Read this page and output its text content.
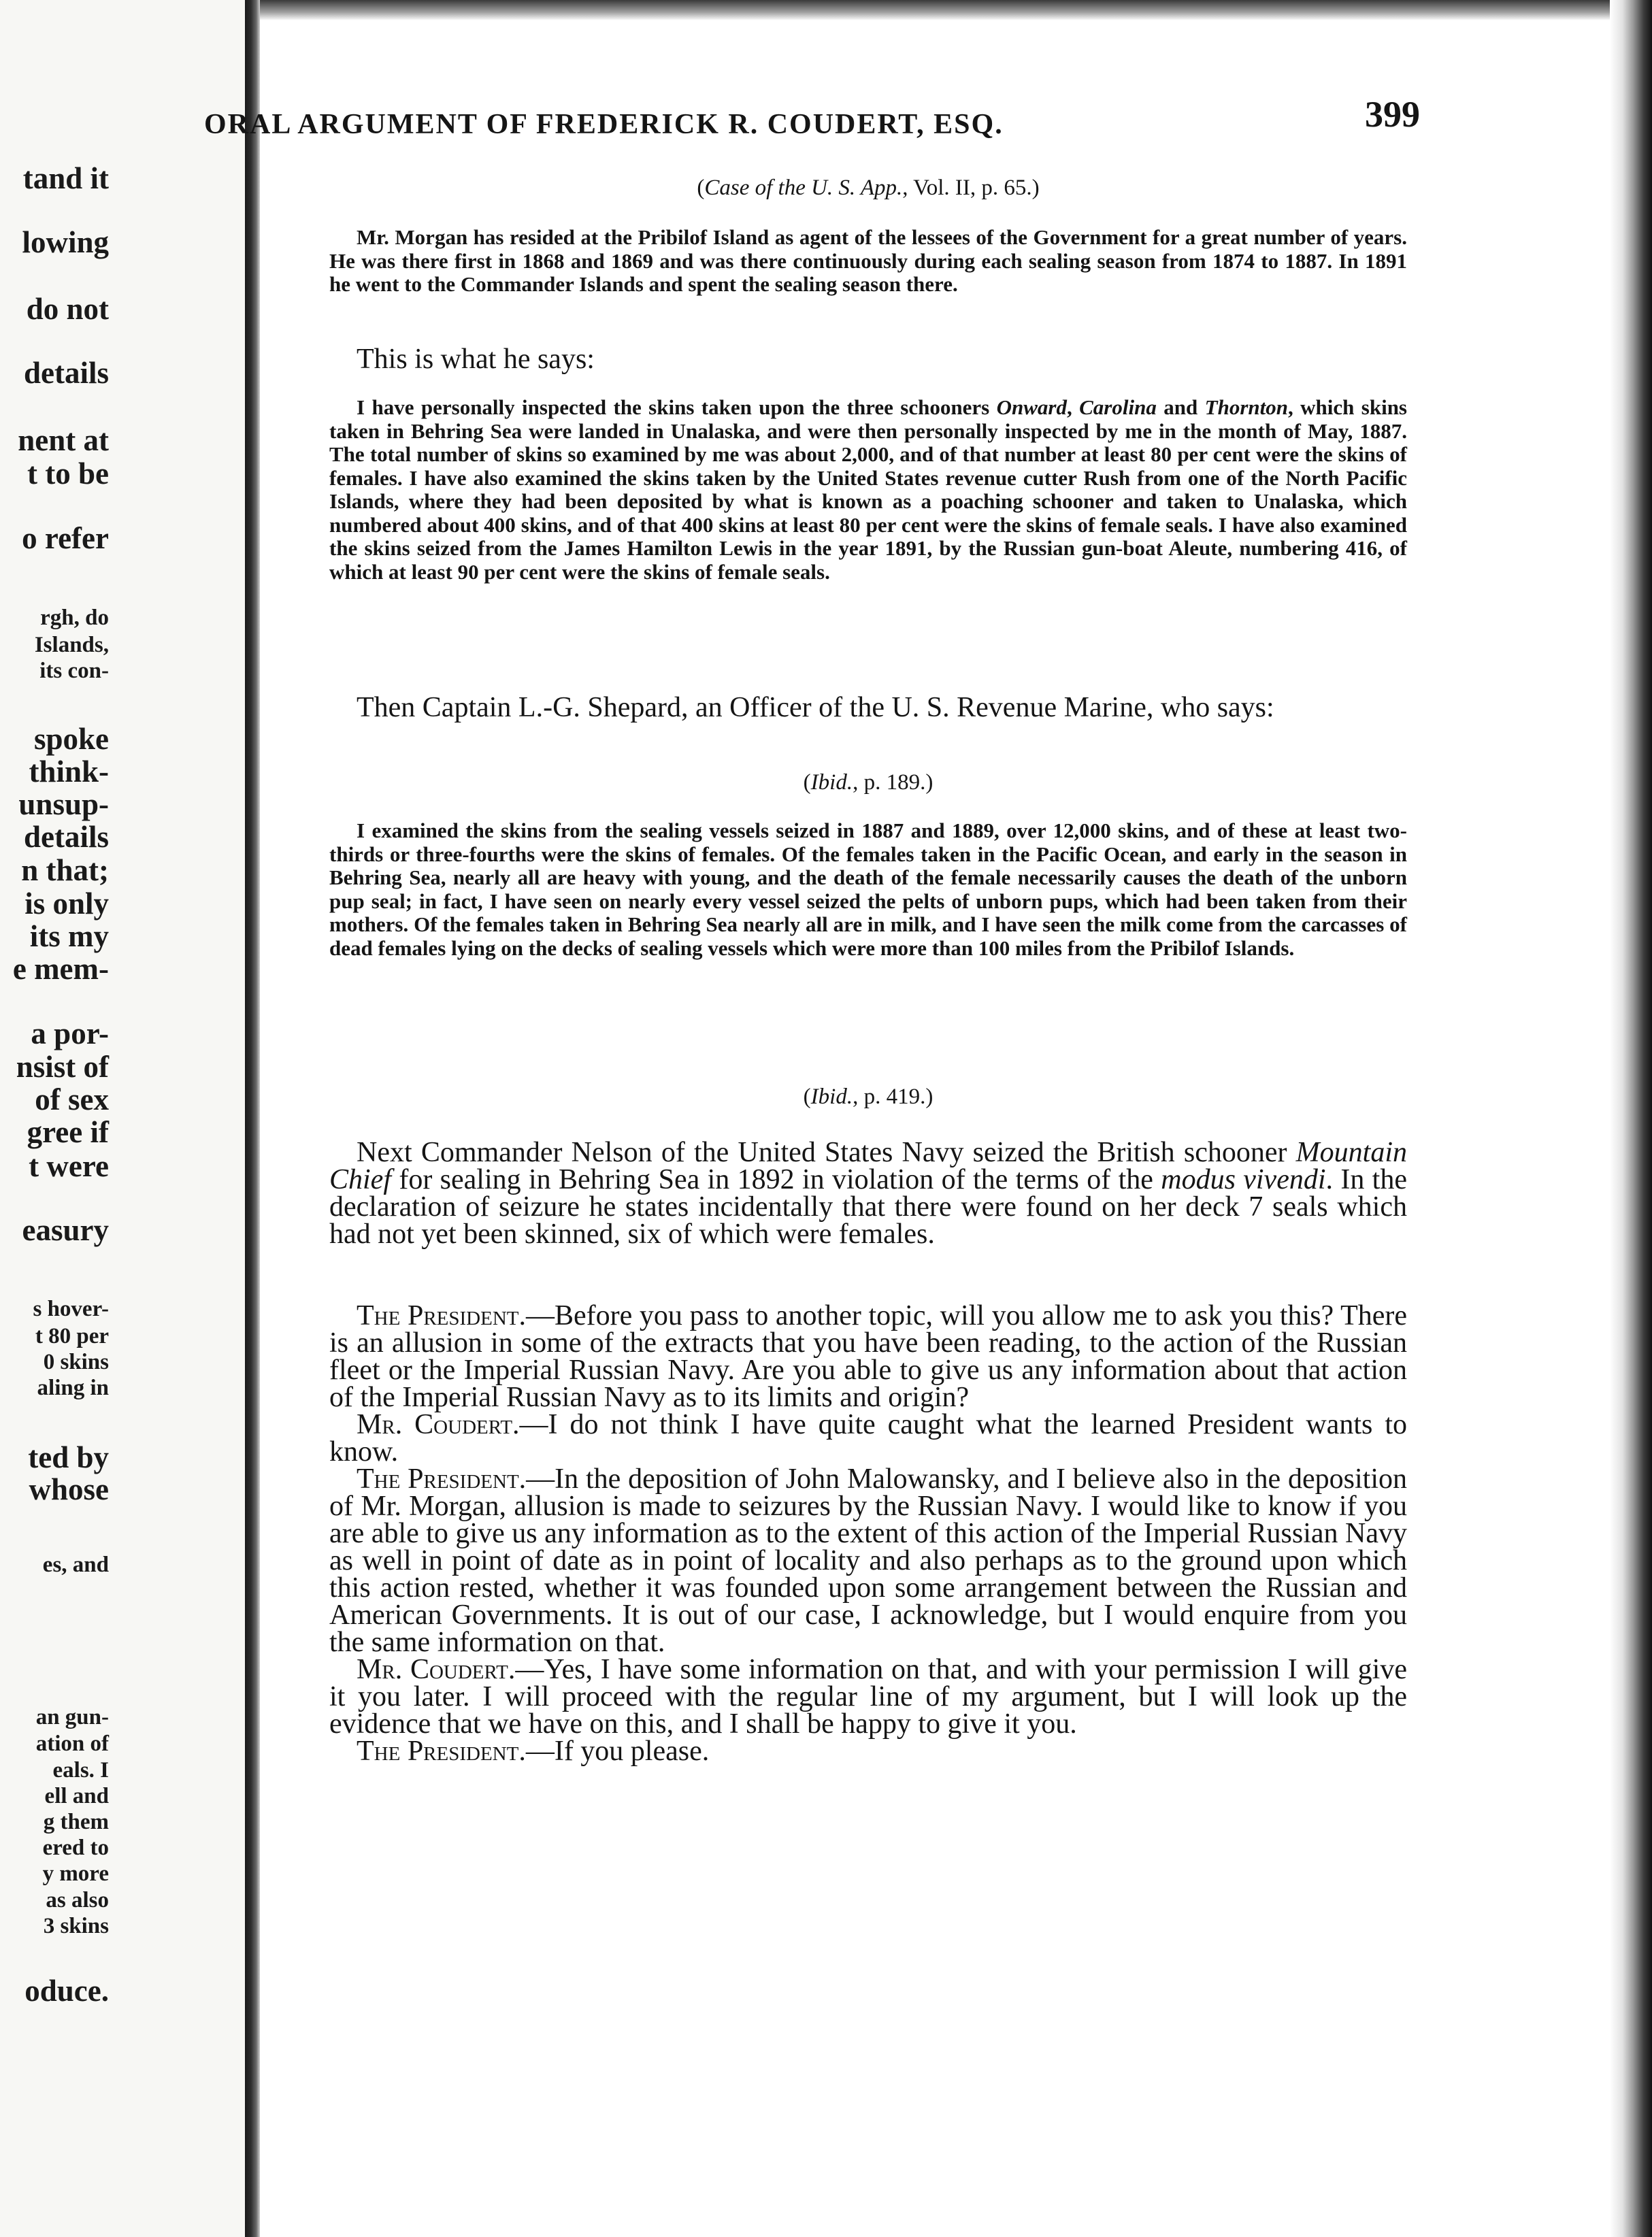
tand it
lowing
do not
details
nent at
t to be
o refer
rgh, do
Islands,
its con-
spoke
think-
unsup-
details
n that;
is only
its my
e mem-
a por-
nsist of
of sex
gree if
t were
easury
s hover-
t 80 per
0 skins
aling in
ted by
whose
es, and
an gun-
ation of
eals. I
ell and
g them
ered to
y more
as also
3 skins
oduce.
ORAL ARGUMENT OF FREDERICK R. COUDERT, ESQ.	399

(Case of the U. S. App., Vol. II, p. 65.)

Mr. Morgan has resided at the Pribilof Island as agent of the lessees of the Government for a great number of years. He was there first in 1868 and 1869 and was there continuously during each sealing season from 1874 to 1887. In 1891 he went to the Commander Islands and spent the sealing season there.

This is what he says:

I have personally inspected the skins taken upon the three schooners Onward, Carolina and Thornton, which skins taken in Behring Sea were landed in Unalaska, and were then personally inspected by me in the month of May, 1887. The total number of skins so examined by me was about 2,000, and of that number at least 80 per cent were the skins of females. I have also examined the skins taken by the United States revenue cutter Rush from one of the North Pacific Islands, where they had been deposited by what is known as a poaching schooner and taken to Unalaska, which numbered about 400 skins, and of that 400 skins at least 80 per cent were the skins of female seals. I have also examined the skins seized from the James Hamilton Lewis in the year 1891, by the Russian gun-boat Aleute, numbering 416, of which at least 90 per cent were the skins of female seals.

Then Captain L.-G. Shepard, an Officer of the U. S. Revenue Marine, who says:

(Ibid., p. 189.)

I examined the skins from the sealing vessels seized in 1887 and 1889, over 12,000 skins, and of these at least two-thirds or three-fourths were the skins of females. Of the females taken in the Pacific Ocean, and early in the season in Behring Sea, nearly all are heavy with young, and the death of the female necessarily causes the death of the unborn pup seal; in fact, I have seen on nearly every vessel seized the pelts of unborn pups, which had been taken from their mothers. Of the females taken in Behring Sea nearly all are in milk, and I have seen the milk come from the carcasses of dead females lying on the decks of sealing vessels which were more than 100 miles from the Pribilof Islands.

(Ibid., p. 419.)

Next Commander Nelson of the United States Navy seized the British schooner Mountain Chief for sealing in Behring Sea in 1892 in violation of the terms of the modus vivendi. In the declaration of seizure he states incidentally that there were found on her deck 7 seals which had not yet been skinned, six of which were females.

The President.—Before you pass to another topic, will you allow me to ask you this? There is an allusion in some of the extracts that you have been reading, to the action of the Russian fleet or the Imperial Russian Navy. Are you able to give us any information about that action of the Imperial Russian Navy as to its limits and origin?
Mr. Coudert.—I do not think I have quite caught what the learned President wants to know.
The President.—In the deposition of John Malowansky, and I believe also in the deposition of Mr. Morgan, allusion is made to seizures by the Russian Navy. I would like to know if you are able to give us any information as to the extent of this action of the Imperial Russian Navy as well in point of date as in point of locality and also perhaps as to the ground upon which this action rested, whether it was founded upon some arrangement between the Russian and American Governments. It is out of our case, I acknowledge, but I would enquire from you the same information on that.
Mr. Coudert.—Yes, I have some information on that, and with your permission I will give it you later. I will proceed with the regular line of my argument, but I will look up the evidence that we have on this, and I shall be happy to give it you.
The President.—If you please.
